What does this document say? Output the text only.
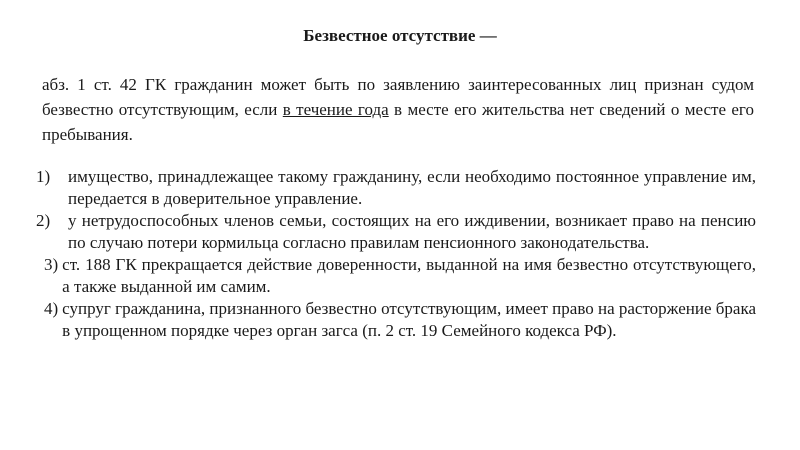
Безвестное отсутствие —
абз. 1 ст. 42 ГК гражданин может быть по заявлению заинтересованных лиц признан судом безвестно отсутствующим, если в течение года в месте его жительства нет сведений о месте его пребывания.
1)	имущество, принадлежащее такому гражданину, если необходимо постоянное управление им, передается в доверительное управление.
2)	у нетрудоспособных членов семьи, состоящих на его иждивении, возникает право на пенсию по случаю потери кормильца согласно правилам пенсионного законодательства.
3) ст. 188 ГК прекращается действие доверенности, выданной на имя безвестно отсутствующего, а также выданной им самим.
4) супруг гражданина, признанного безвестно отсутствующим, имеет право на расторжение брака в упрощенном порядке через орган загса (п. 2 ст. 19 Семейного кодекса РФ).
